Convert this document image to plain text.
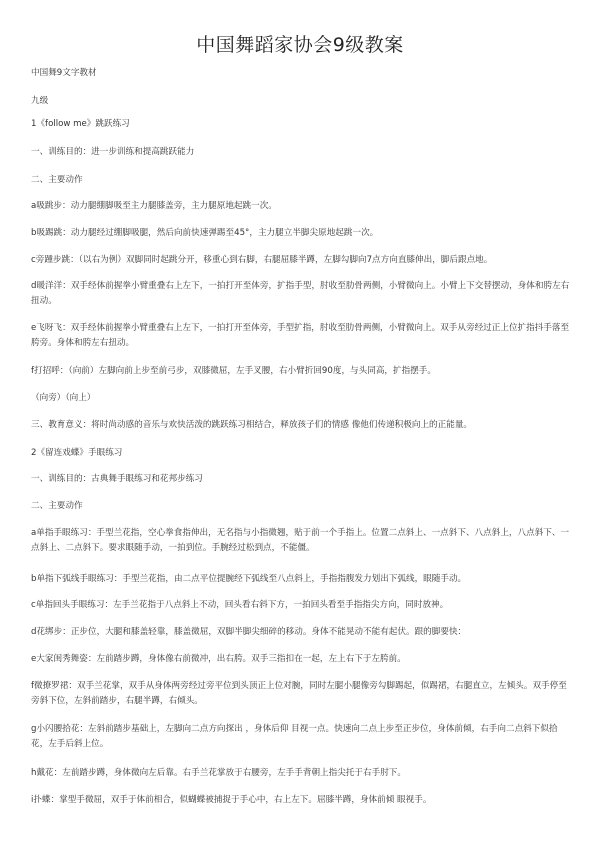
中国舞蹈家协会9级教案
中国舞9文字教材
九级
1《follow me》跳跃练习
一、训练目的：进一步训练和提高跳跃能力
二、主要动作
a吸跳步：动力腿绷脚吸至主力腿膝盖旁，主力腿原地起跳一次。
b吸踢跳：动力腿经过绷脚吸腿，然后向前快速弹踢至45°，主力腿立半脚尖原地起跳一次。
c旁踵步跳：（以右为例）双脚同时起跳分开，移重心到右脚，右腿屈膝半蹲，左脚勾脚向7点方向直膝伸出，脚后跟点地。
d暖洋洋：双手经体前握拳小臂重叠右上左下，一拍打开至体旁，扩指手型，肘收至肋骨两侧，小臂微向上。小臂上下交替摆动，身体和胯左右扭动。
e飞呀飞：双手经体前握拳小臂重叠右上左下，一拍打开至体旁，手型扩指，肘收至肋骨两侧，小臂微向上。双手从旁经过正上位扩指抖手落至胯旁。身体和胯左右扭动。
f打招呼：（向前）左脚向前上步至前弓步，双膝微屈，左手叉腰，右小臂折回90度，与头同高，扩指摆手。
（向旁）（向上）
三、教育意义：将时尚动感的音乐与欢快活泼的跳跃练习相结合，释放孩子们的情感 像他们传递积极向上的正能量。
2《留连戏蝶》手眼练习
一、训练目的：古典舞手眼练习和花邦步练习
二、主要动作
a单指手眼练习：手型兰花指，空心拳食指伸出，无名指与小指微翘，贴于前一个手指上。位置二点斜上、一点斜下、八点斜上，八点斜下、一点斜上、二点斜下。要求眼随手动，一拍到位。手腕经过松到点，不能僵。
b单指下弧线手眼练习：手型兰花指，由二点平位提腕经下弧线至八点斜上，手指指腹发力划出下弧线，眼随手动。
c单指回头手眼练习：左手兰花指于八点斜上不动，回头看右斜下方，一拍回头看至手指指尖方向，同时放神。
d花绑步：正步位，大腿和膝盖轻靠，膝盖微屈，双脚半脚尖细碎的移动。身体不能晃动不能有起伏。跟的脚要快：
e大家闺秀舞姿：左前踏步蹲，身体像右前微冲，出右胯。双手三指扣在一起，左上右下于左胯前。
f微撩罗裙：双手兰花掌，双手从身体两旁经过旁平位到头顶正上位对腕，同时左腿小腿像旁勾脚踢起，似踢裙，右腿直立，左倾头。双手停至旁斜下位，左斜前踏步，右腿半蹲，右倾头。
g小闪腰拾花：左斜前踏步基础上，左脚向二点方向探出 ，身体后仰 目视一点。快速向二点上步至正步位，身体前倾，右手向二点斜下似拾花，左手后斜上位。
h戴花：左前踏步蹲，身体微向左后靠。右手兰花掌放于右腰旁，左手手背朝上指尖托于右手肘下。
i扑蝶：掌型手微屈，双手于体前相合，似蝴蝶被捕捉于手心中，右上左下。屈膝半蹲，身体前倾 眼视手。
